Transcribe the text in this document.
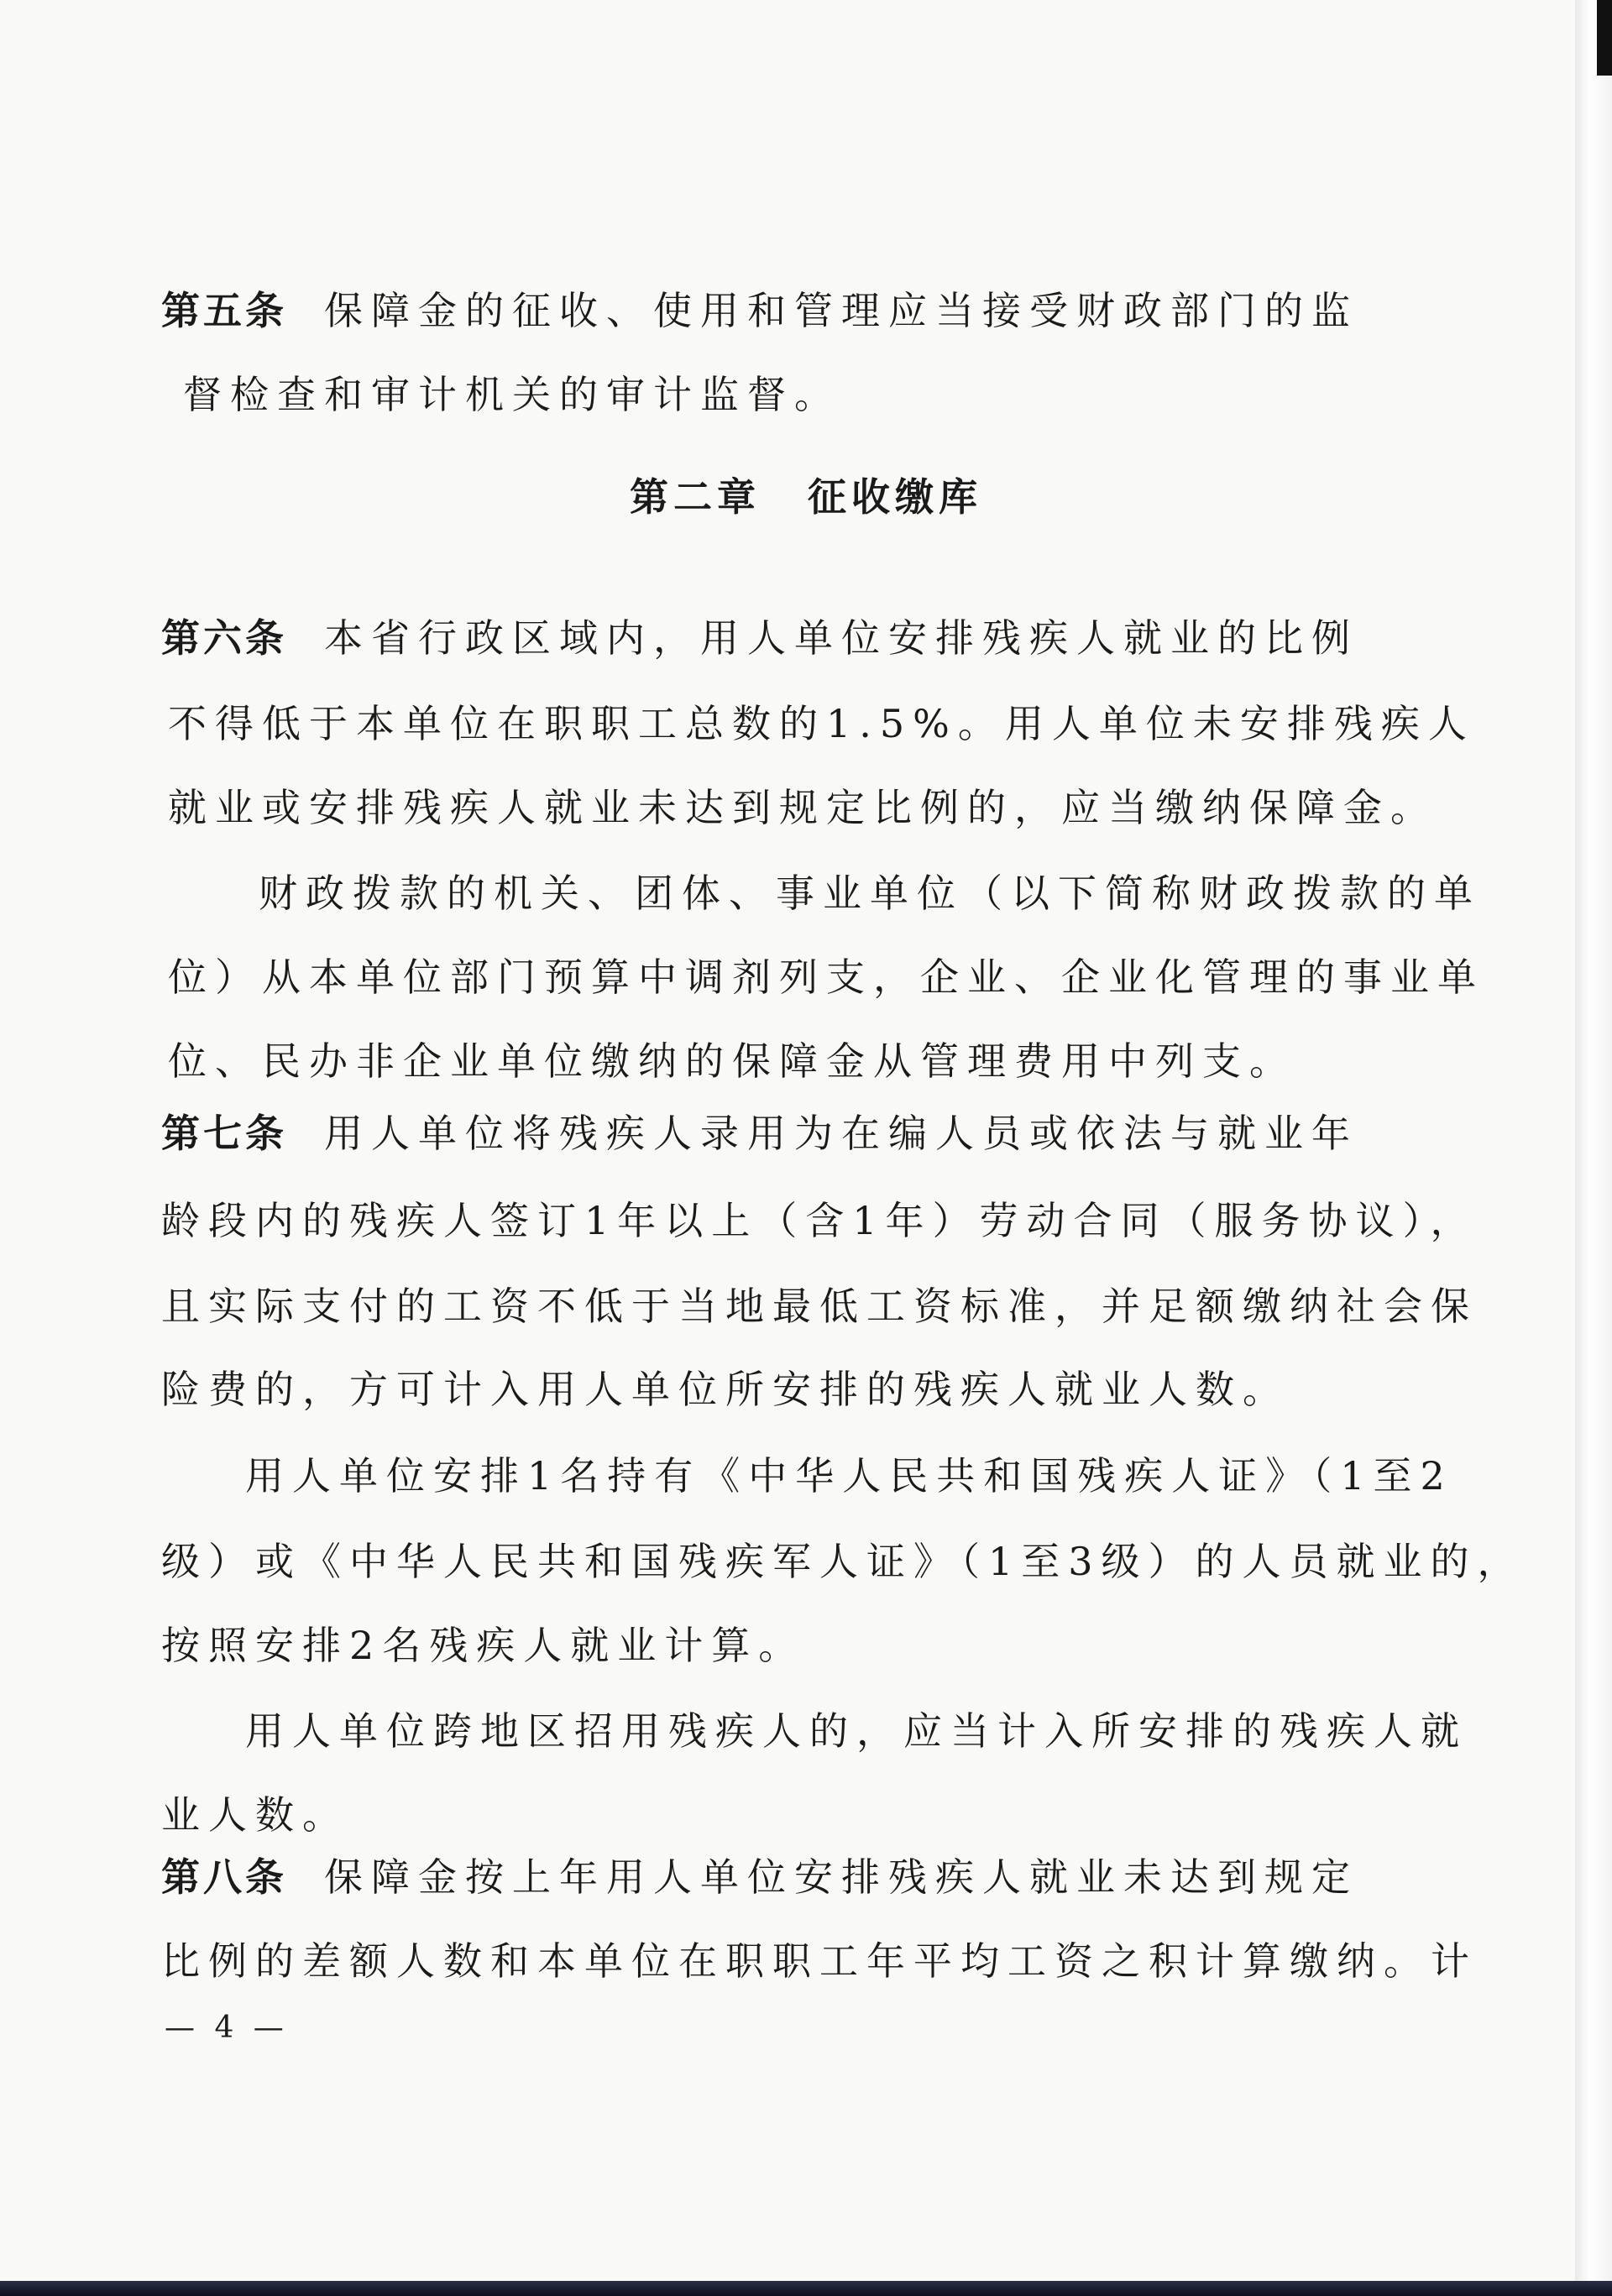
第五条 保障金的征收、使用和管理应当接受财政部门的监
督检查和审计机关的审计监督。
第六条 本省行政区域内，用人单位安排残疾人就业的比例
不得低于本单位在职职工总数的1.5%。用人单位未安排残疾人
就业或安排残疾人就业未达到规定比例的，应当缴纳保障金。
财政拨款的机关、团体、事业单位（以下简称财政拨款的单
位）从本单位部门预算中调剂列支，企业、企业化管理的事业单
位、民办非企业单位缴纳的保障金从管理费用中列支。
第七条 用人单位将残疾人录用为在编人员或依法与就业年
龄段内的残疾人签订1年以上（含1年）劳动合同（服务协议），
且实际支付的工资不低于当地最低工资标准，并足额缴纳社会保
险费的，方可计入用人单位所安排的残疾人就业人数。
用人单位安排1名持有《中华人民共和国残疾人证》（1至2
级）或《中华人民共和国残疾军人证》（1至3级）的人员就业的，
按照安排2名残疾人就业计算。
用人单位跨地区招用残疾人的，应当计入所安排的残疾人就
业人数。
第八条 保障金按上年用人单位安排残疾人就业未达到规定
比例的差额人数和本单位在职职工年平均工资之积计算缴纳。计
第二章 征收缴库
— 4 —
